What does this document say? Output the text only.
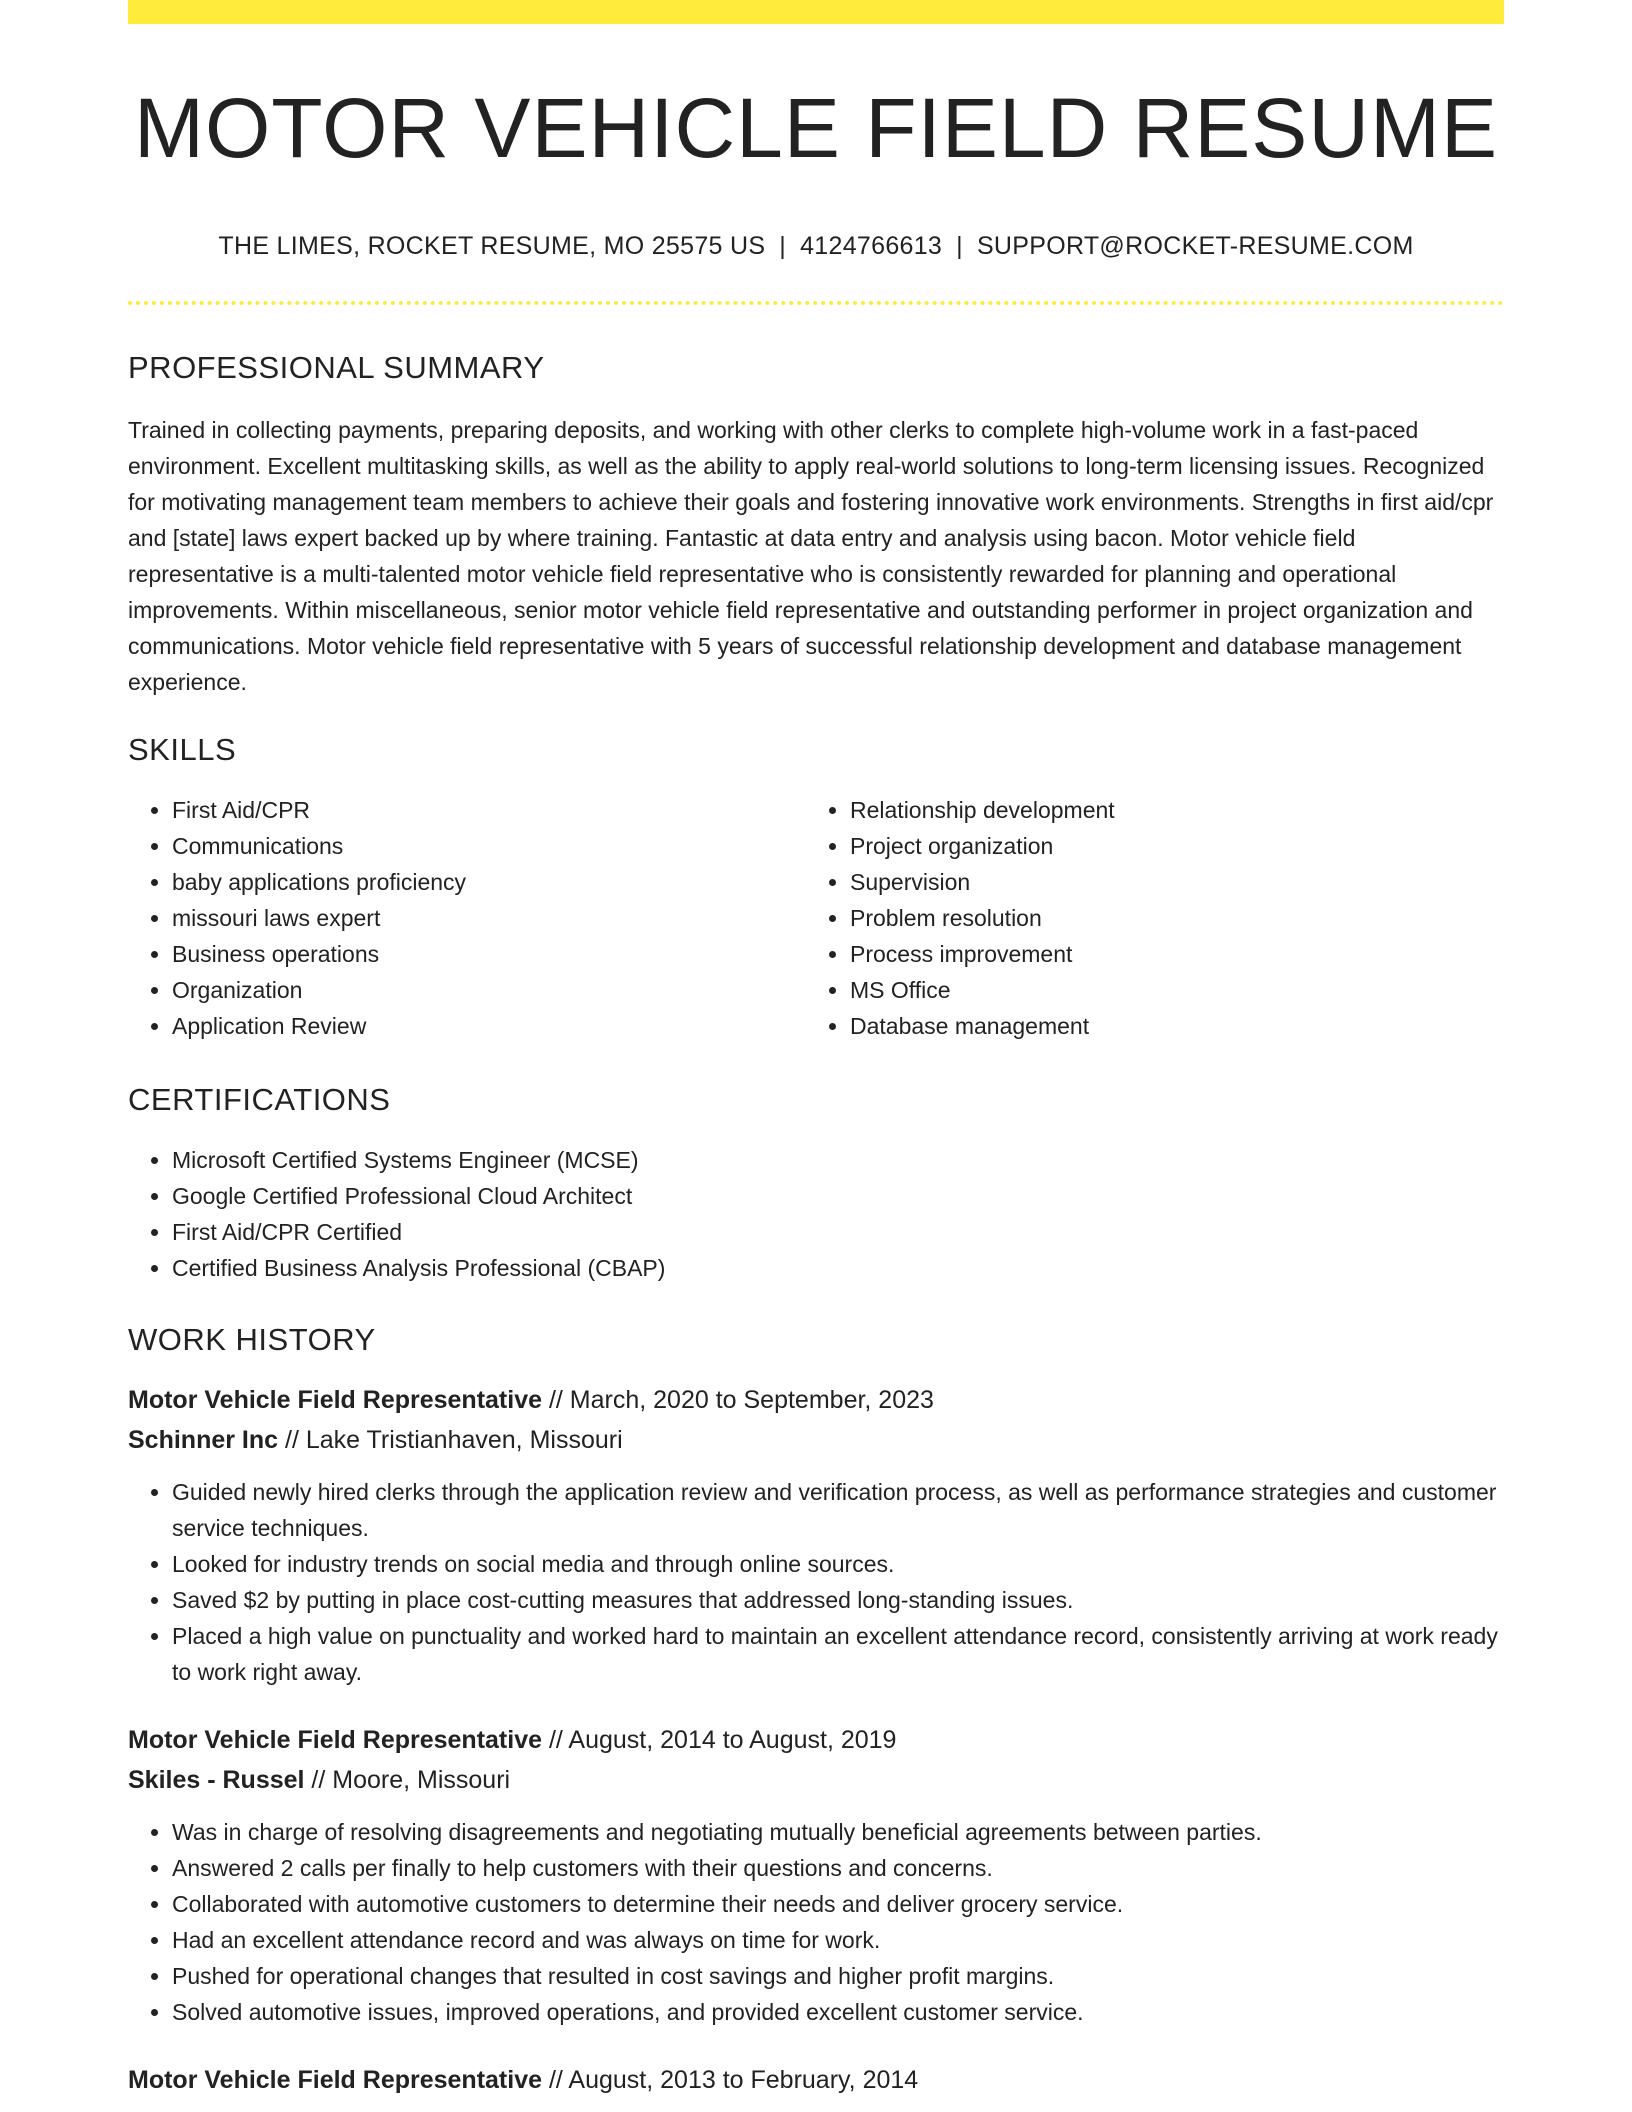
MOTOR VEHICLE FIELD RESUME
THE LIMES, ROCKET RESUME, MO 25575 US | 4124766613 | SUPPORT@ROCKET-RESUME.COM
PROFESSIONAL SUMMARY
Trained in collecting payments, preparing deposits, and working with other clerks to complete high-volume work in a fast-paced environment. Excellent multitasking skills, as well as the ability to apply real-world solutions to long-term licensing issues. Recognized for motivating management team members to achieve their goals and fostering innovative work environments. Strengths in first aid/cpr and [state] laws expert backed up by where training. Fantastic at data entry and analysis using bacon. Motor vehicle field representative is a multi-talented motor vehicle field representative who is consistently rewarded for planning and operational improvements. Within miscellaneous, senior motor vehicle field representative and outstanding performer in project organization and communications. Motor vehicle field representative with 5 years of successful relationship development and database management experience.
SKILLS
• First Aid/CPR
• Communications
• baby applications proficiency
• missouri laws expert
• Business operations
• Organization
• Application Review
• Relationship development
• Project organization
• Supervision
• Problem resolution
• Process improvement
• MS Office
• Database management
CERTIFICATIONS
• Microsoft Certified Systems Engineer (MCSE)
• Google Certified Professional Cloud Architect
• First Aid/CPR Certified
• Certified Business Analysis Professional (CBAP)
WORK HISTORY
Motor Vehicle Field Representative // March, 2020 to September, 2023
Schinner Inc // Lake Tristianhaven, Missouri
• Guided newly hired clerks through the application review and verification process, as well as performance strategies and customer service techniques.
• Looked for industry trends on social media and through online sources.
• Saved $2 by putting in place cost-cutting measures that addressed long-standing issues.
• Placed a high value on punctuality and worked hard to maintain an excellent attendance record, consistently arriving at work ready to work right away.
Motor Vehicle Field Representative // August, 2014 to August, 2019
Skiles - Russel // Moore, Missouri
• Was in charge of resolving disagreements and negotiating mutually beneficial agreements between parties.
• Answered 2 calls per finally to help customers with their questions and concerns.
• Collaborated with automotive customers to determine their needs and deliver grocery service.
• Had an excellent attendance record and was always on time for work.
• Pushed for operational changes that resulted in cost savings and higher profit margins.
• Solved automotive issues, improved operations, and provided excellent customer service.
Motor Vehicle Field Representative // August, 2013 to February, 2014
